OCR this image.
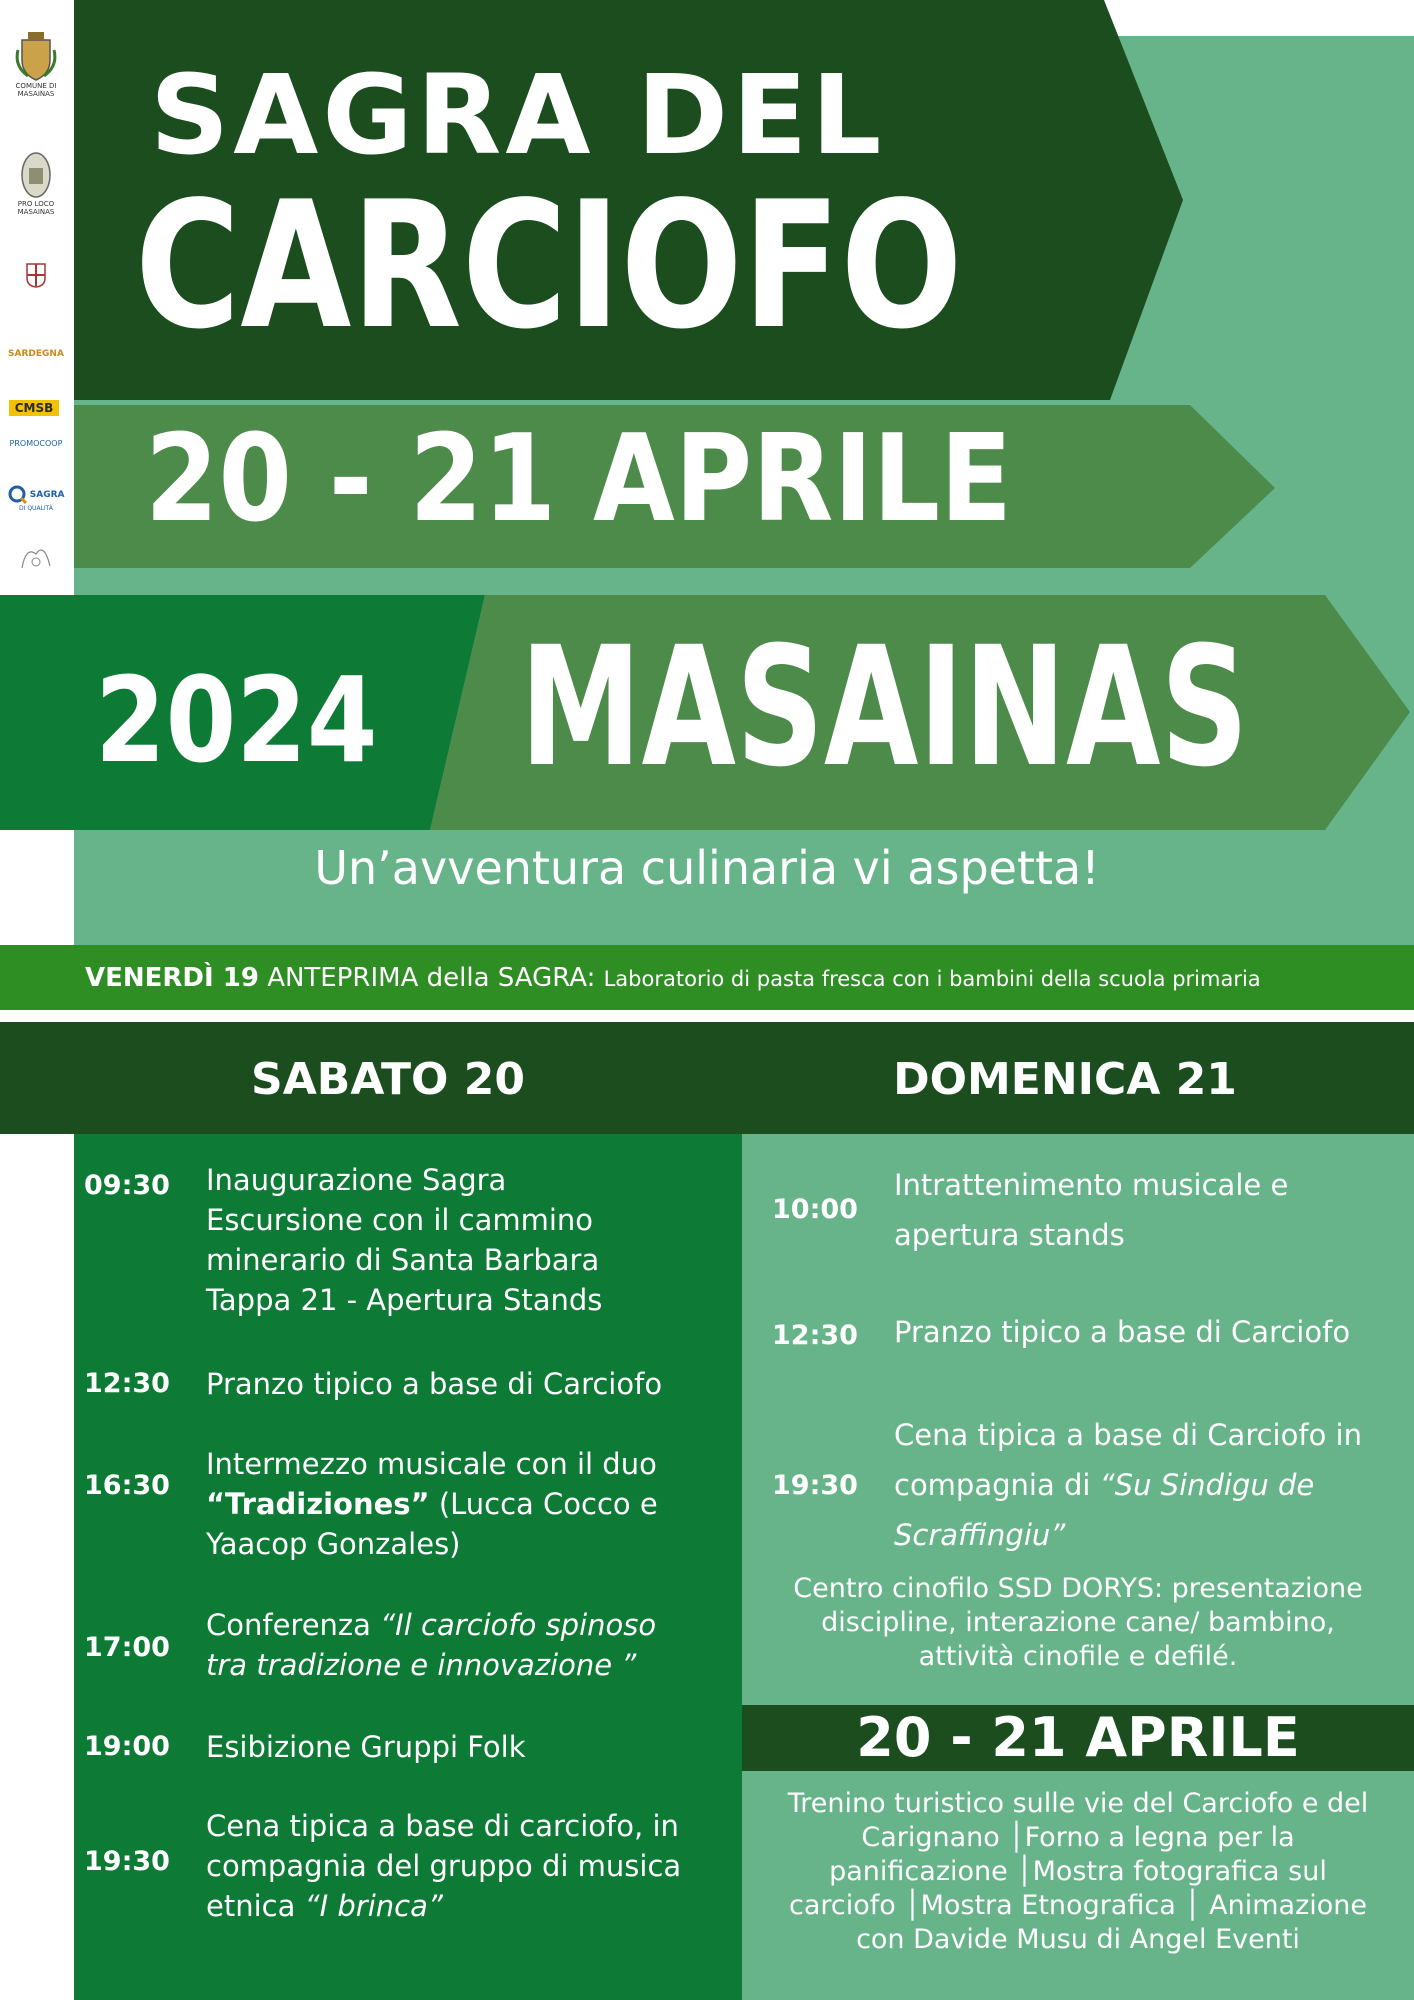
COMUNE DI
MASAINAS
PRO LOCO
MASAINAS
SARDEGNA
CMSB
PROMOCOOP
SAGRA
DI QUALITÀ
SAGRA DEL
CARCIOFO
20 - 21 APRILE
2024 MASAINAS
Un’avventura culinaria vi aspetta!
VENERDÌ 19 ANTEPRIMA della SAGRA: Laboratorio di pasta fresca con i bambini della scuola primaria
SABATO 20	DOMENICA 21
09:30 Inaugurazione Sagra
Escursione con il cammino
minerario di Santa Barbara
Tappa 21 - Apertura Stands
12:30 Pranzo tipico a base di Carciofo
16:30
Intermezzo musicale con il duo
“Tradiziones” (Lucca Cocco e
Yaacop Gonzales)
17:00
Conferenza “Il carciofo spinoso
tra tradizione e innovazione ”
19:00 Esibizione Gruppi Folk
19:30
Cena tipica a base di carciofo, in
compagnia del gruppo di musica
etnica “I brinca”
10:00
Intrattenimento musicale e
apertura stands
12:30 Pranzo tipico a base di Carciofo
19:30
Cena tipica a base di Carciofo in
compagnia di “Su Sindigu de
Scraffingiu”
Centro cinofilo SSD DORYS: presentazione
discipline, interazione cane/ bambino,
attività cinofile e defilé.
20 - 21 APRILE
Trenino turistico sulle vie del Carciofo e del
Carignano │Forno a legna per la
panificazione │Mostra fotografica sul
carciofo │Mostra Etnografica │ Animazione
con Davide Musu di Angel Eventi
